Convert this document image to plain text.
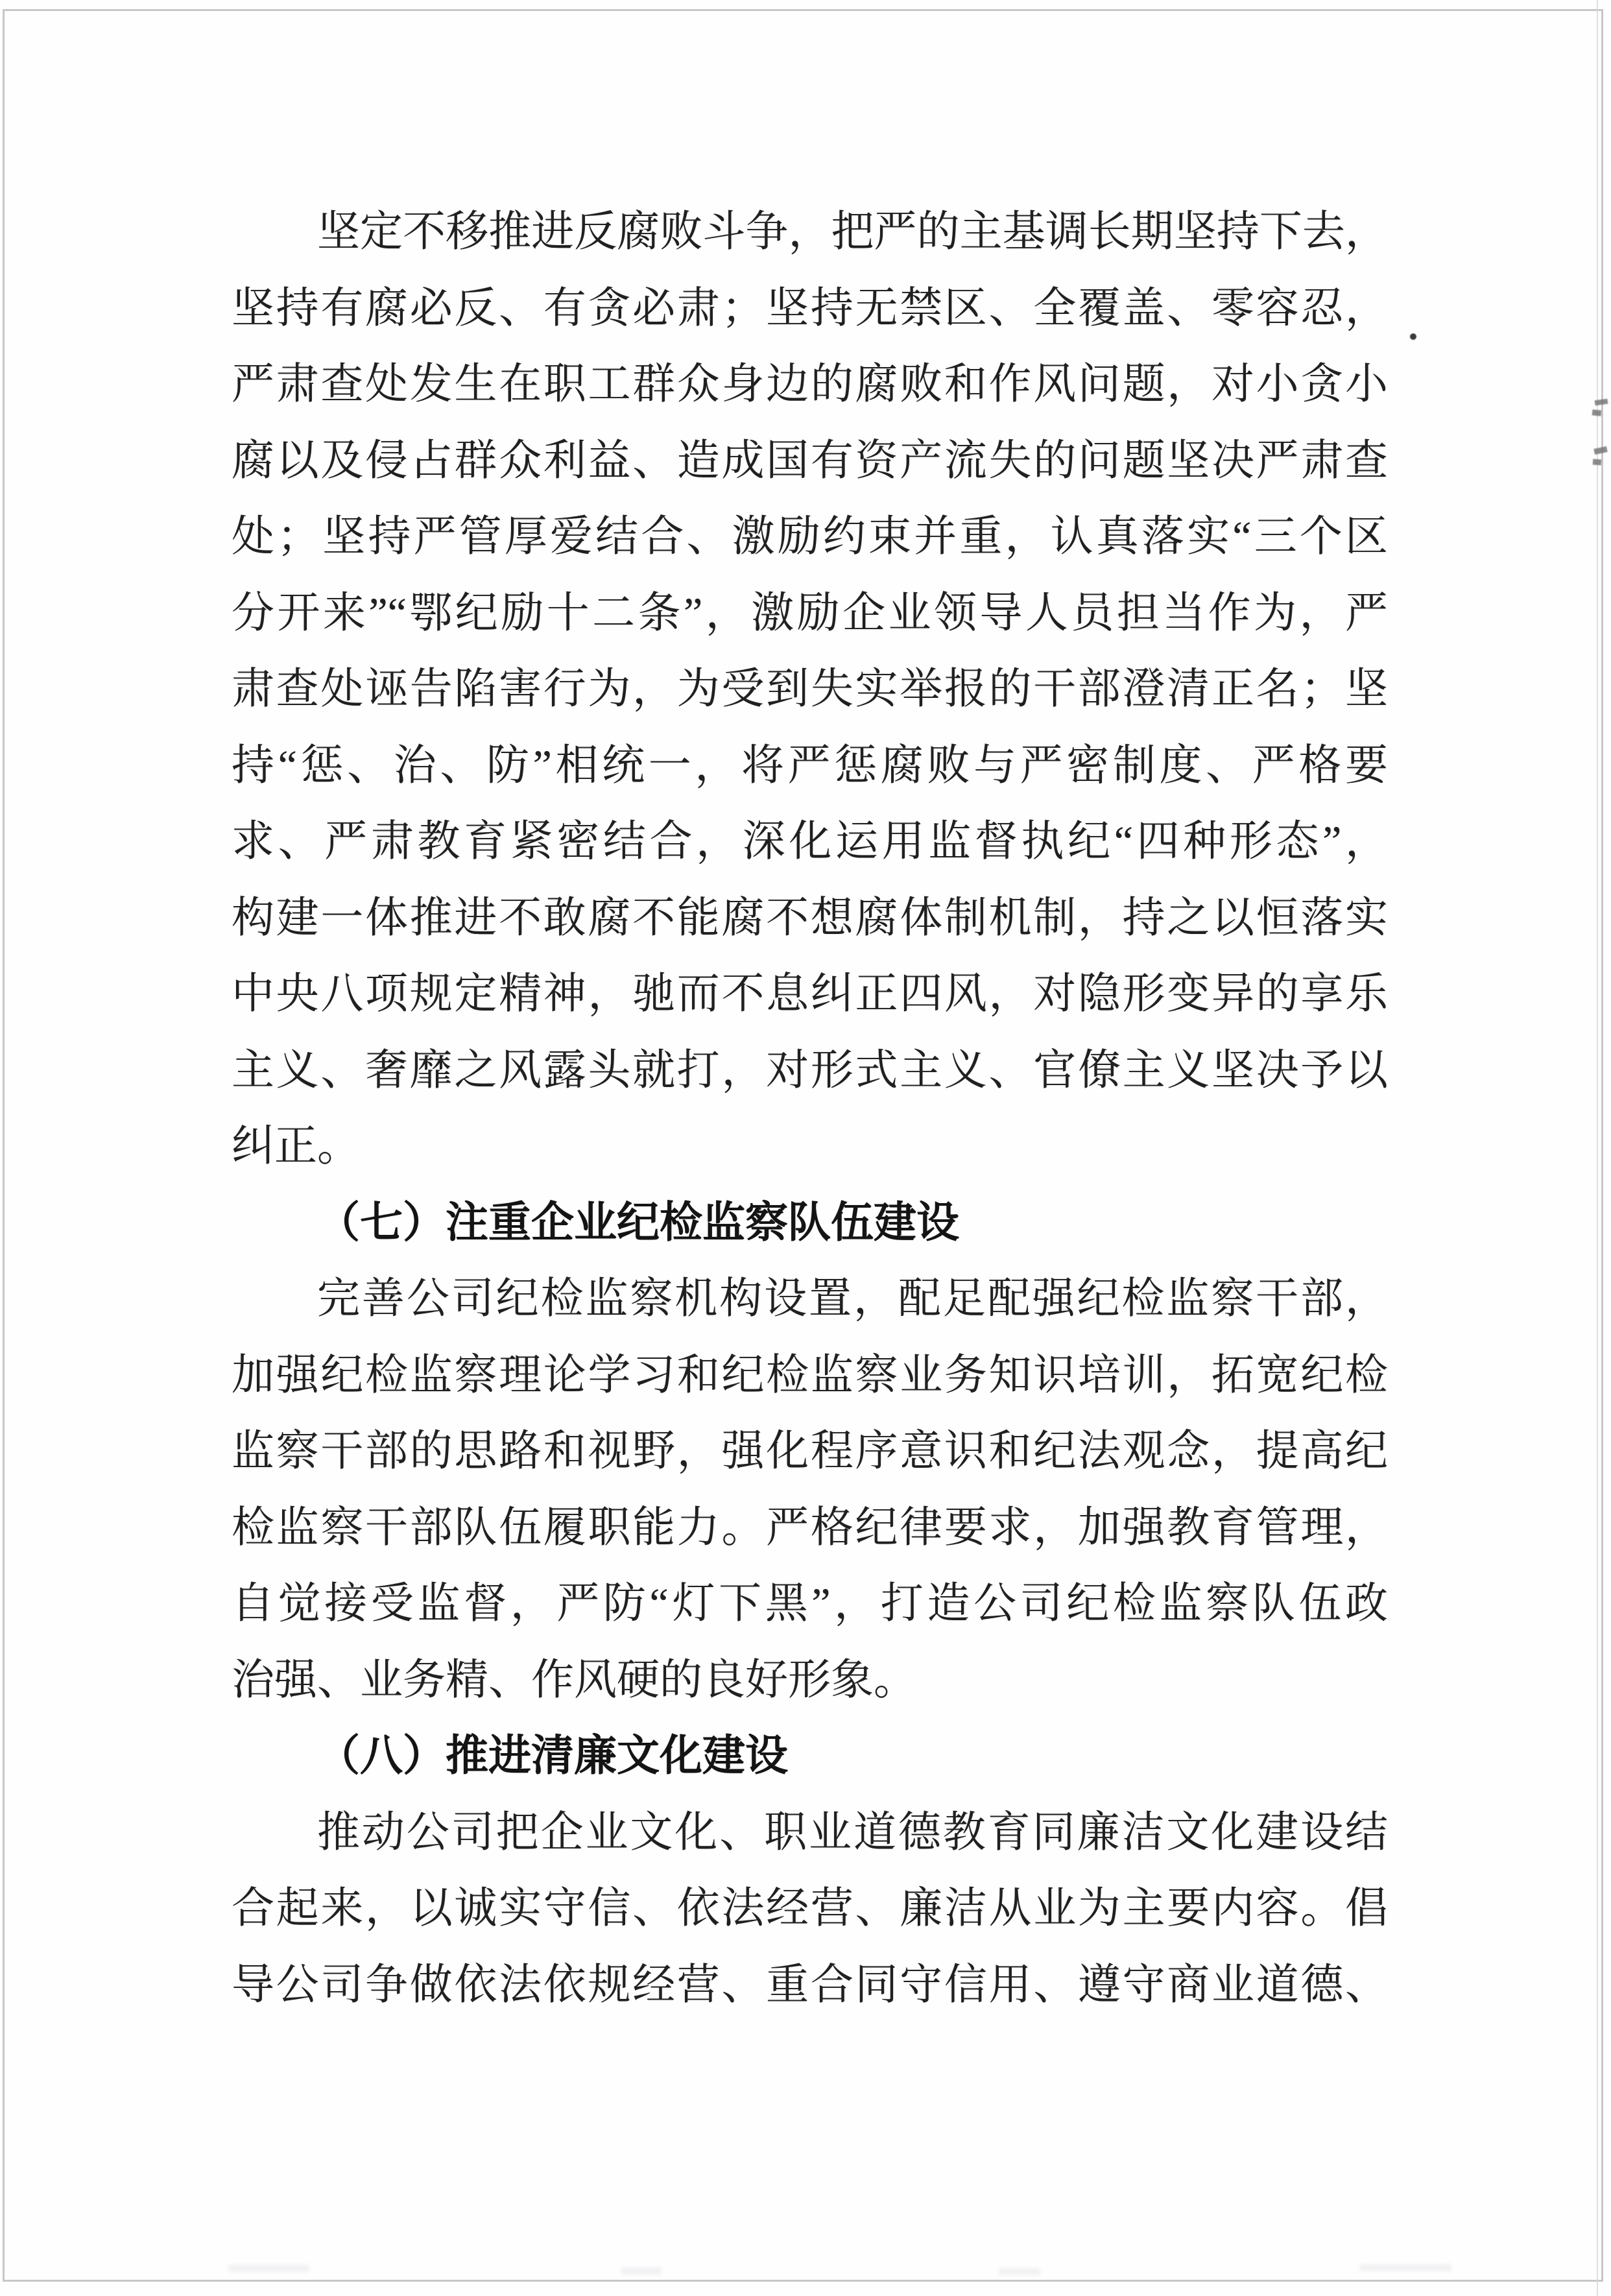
坚定不移推进反腐败斗争，把严的主基调长期坚持下去，
坚持有腐必反、有贪必肃；坚持无禁区、全覆盖、零容忍，
严肃查处发生在职工群众身边的腐败和作风问题，对小贪小
腐以及侵占群众利益、造成国有资产流失的问题坚决严肃查
处；坚持严管厚爱结合、激励约束并重，认真落实“三个区
分开来”“鄂纪励十二条”，激励企业领导人员担当作为，严
肃查处诬告陷害行为，为受到失实举报的干部澄清正名；坚
持“惩、治、防”相统一，将严惩腐败与严密制度、严格要
求、严肃教育紧密结合，深化运用监督执纪“四种形态”，
构建一体推进不敢腐不能腐不想腐体制机制，持之以恒落实
中央八项规定精神，驰而不息纠正四风，对隐形变异的享乐
主义、奢靡之风露头就打，对形式主义、官僚主义坚决予以
纠正。
（七）注重企业纪检监察队伍建设
完善公司纪检监察机构设置，配足配强纪检监察干部，
加强纪检监察理论学习和纪检监察业务知识培训，拓宽纪检
监察干部的思路和视野，强化程序意识和纪法观念，提高纪
检监察干部队伍履职能力。严格纪律要求，加强教育管理，
自觉接受监督，严防“灯下黑”，打造公司纪检监察队伍政
治强、业务精、作风硬的良好形象。
（八）推进清廉文化建设
推动公司把企业文化、职业道德教育同廉洁文化建设结
合起来，以诚实守信、依法经营、廉洁从业为主要内容。倡
导公司争做依法依规经营、重合同守信用、遵守商业道德、
